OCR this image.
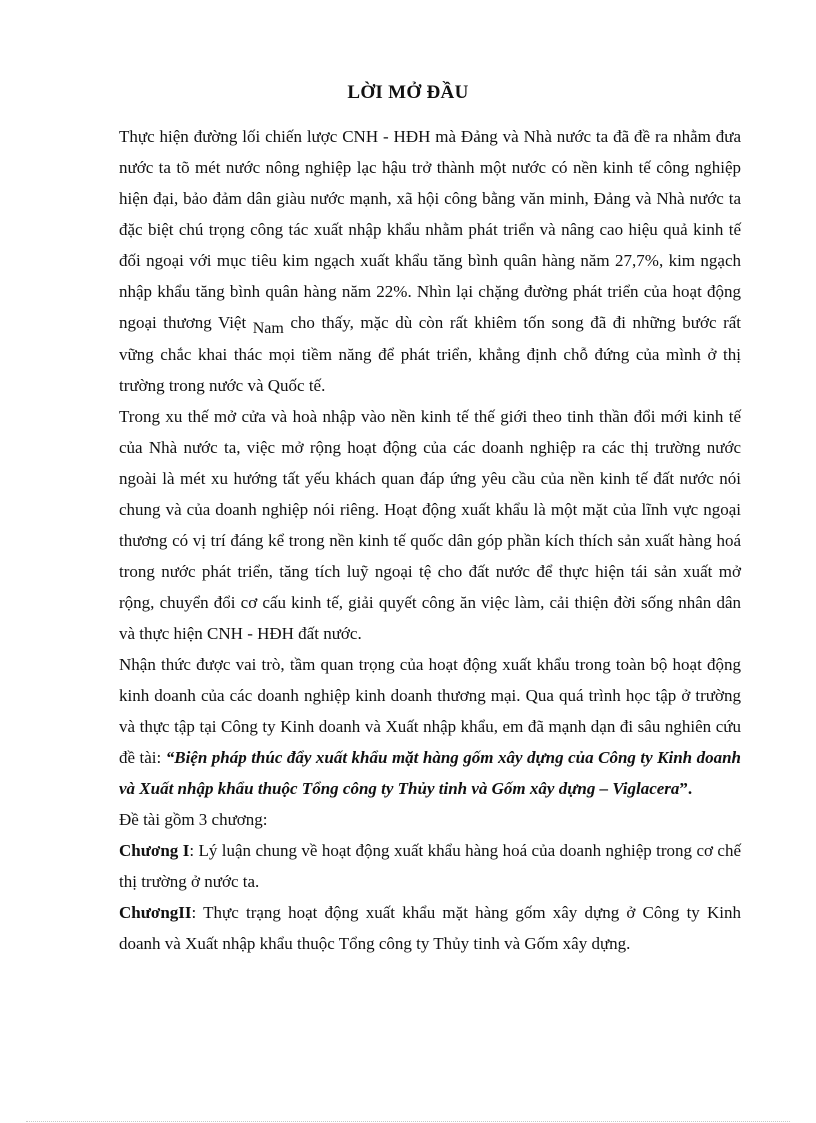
LỜI MỞ ĐẦU

Thực hiện đường lối chiến lược CNH - HĐH mà Đảng và Nhà nước ta đã đề ra nhằm đưa nước ta tõ mét nước nông nghiệp lạc hậu trở thành một nước có nền kinh tế công nghiệp hiện đại, bảo đảm dân giàu nước mạnh, xã hội công bằng văn minh, Đảng và Nhà nước ta đặc biệt chú trọng công tác xuất nhập khẩu nhằm phát triển và nâng cao hiệu quả kinh tế đối ngoại với mục tiêu kim ngạch xuất khẩu tăng bình quân hàng năm 27,7%, kim ngạch nhập khẩu tăng bình quân hàng năm 22%. Nhìn lại chặng đường phát triển của hoạt động ngoại thương Việt Nam cho thấy, mặc dù còn rất khiêm tốn song đã đi những bước rất vững chắc khai thác mọi tiềm năng để phát triển, khẳng định chỗ đứng của mình ở thị trường trong nước và Quốc tế.

Trong xu thế mở cửa và hoà nhập vào nền kinh tế thế giới theo tinh thần đổi mới kinh tế của Nhà nước ta, việc mở rộng hoạt động của các doanh nghiệp ra các thị trường nước ngoài là mét xu hướng tất yếu khách quan đáp ứng yêu cầu của nền kinh tế đất nước nói chung và của doanh nghiệp nói riêng. Hoạt động xuất khẩu là một mặt của lĩnh vực ngoại thương có vị trí đáng kể trong nền kinh tế quốc dân góp phần kích thích sản xuất hàng hoá trong nước phát triển, tăng tích luỹ ngoại tệ cho đất nước để thực hiện tái sản xuất mở rộng, chuyển đổi cơ cấu kinh tế, giải quyết công ăn việc làm, cải thiện đời sống nhân dân và thực hiện CNH - HĐH đất nước.

Nhận thức được vai trò, tầm quan trọng của hoạt động xuất khẩu trong toàn bộ hoạt động kinh doanh của các doanh nghiệp kinh doanh thương mại. Qua quá trình học tập ở trường và thực tập tại Công ty Kinh doanh và Xuất nhập khẩu, em đã mạnh dạn đi sâu nghiên cứu đề tài: “Biện pháp thúc đẩy xuất khẩu mặt hàng gốm xây dựng của Công ty Kinh doanh và Xuất nhập khẩu thuộc Tổng công ty Thủy tinh và Gốm xây dựng – Viglacera”.

Đề tài gồm 3 chương:

Chương I: Lý luận chung về hoạt động xuất khẩu hàng hoá của doanh nghiệp trong cơ chế thị trường ở nước ta.

ChươngII: Thực trạng hoạt động xuất khẩu mặt hàng gốm xây dựng ở Công ty Kinh doanh và Xuất nhập khẩu thuộc Tổng công ty Thủy tinh và Gốm xây dựng.
